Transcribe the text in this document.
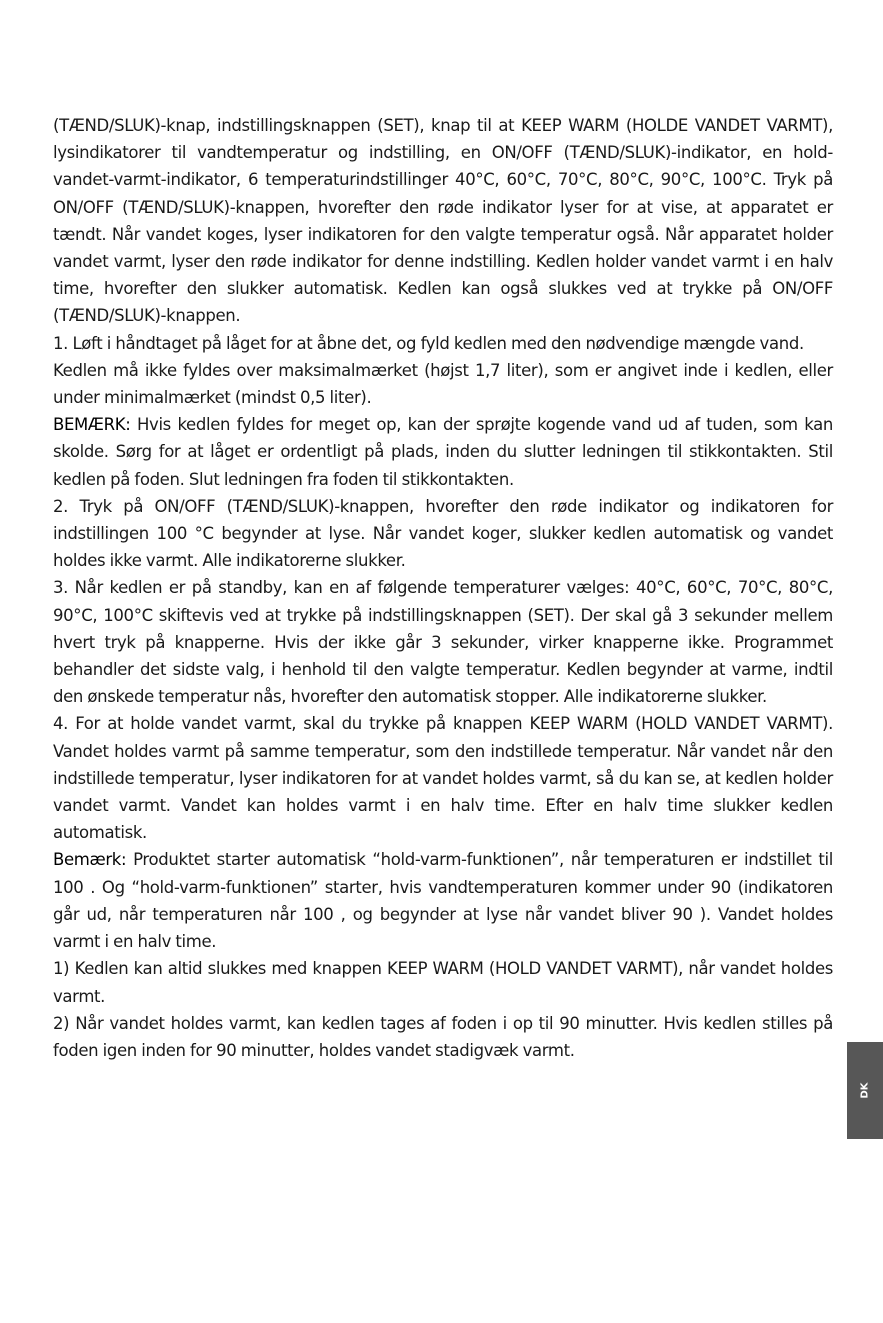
(TÆND/SLUK)-knap, indstillingsknappen (SET), knap til at KEEP WARM (HOLDE VANDET VARMT), lysindikatorer til vandtemperatur og indstilling, en ON/OFF (TÆND/SLUK)-indikator, en hold-vandet-varmt-indikator, 6 temperaturindstillinger 40°C, 60°C, 70°C, 80°C, 90°C, 100°C. Tryk på ON/OFF (TÆND/SLUK)-knappen, hvorefter den røde indikator lyser for at vise, at apparatet er tændt. Når vandet koges, lyser indikatoren for den valgte temperatur også. Når apparatet holder vandet varmt, lyser den røde indikator for denne indstilling. Kedlen holder vandet varmt i en halv time, hvorefter den slukker automatisk. Kedlen kan også slukkes ved at trykke på ON/OFF (TÆND/SLUK)-knappen.

1. Løft i håndtaget på låget for at åbne det, og fyld kedlen med den nødvendige mængde vand.

Kedlen må ikke fyldes over maksimalmærket (højst 1,7 liter), som er angivet inde i kedlen, eller under minimalmærket (mindst 0,5 liter).

BEMÆRK: Hvis kedlen fyldes for meget op, kan der sprøjte kogende vand ud af tuden, som kan skolde. Sørg for at låget er ordentligt på plads, inden du slutter ledningen til stikkontakten. Stil kedlen på foden. Slut ledningen fra foden til stikkontakten.

2. Tryk på ON/OFF (TÆND/SLUK)-knappen, hvorefter den røde indikator og indikatoren for indstillingen 100 °C begynder at lyse. Når vandet koger, slukker kedlen automatisk og vandet holdes ikke varmt. Alle indikatorerne slukker.

3. Når kedlen er på standby, kan en af følgende temperaturer vælges: 40°C, 60°C, 70°C, 80°C, 90°C, 100°C skiftevis ved at trykke på indstillingsknappen (SET). Der skal gå 3 sekunder mellem hvert tryk på knapperne. Hvis der ikke går 3 sekunder, virker knapperne ikke. Programmet behandler det sidste valg, i henhold til den valgte temperatur. Kedlen begynder at varme, indtil den ønskede temperatur nås, hvorefter den automatisk stopper. Alle indikatorerne slukker.

4. For at holde vandet varmt, skal du trykke på knappen KEEP WARM (HOLD VANDET VARMT). Vandet holdes varmt på samme temperatur, som den indstillede temperatur. Når vandet når den indstillede temperatur, lyser indikatoren for at vandet holdes varmt, så du kan se, at kedlen holder vandet varmt. Vandet kan holdes varmt i en halv time. Efter en halv time slukker kedlen automatisk.

Bemærk: Produktet starter automatisk “hold-varm-funktionen”, når temperaturen er indstillet til 100 . Og “hold-varm-funktionen” starter, hvis vandtemperaturen kommer under 90 (indikatoren går ud, når temperaturen når 100 , og begynder at lyse når vandet bliver 90 ). Vandet holdes varmt i en halv time.

1) Kedlen kan altid slukkes med knappen KEEP WARM (HOLD VANDET VARMT), når vandet holdes varmt.

2) Når vandet holdes varmt, kan kedlen tages af foden i op til 90 minutter. Hvis kedlen stilles på foden igen inden for 90 minutter, holdes vandet stadigvæk varmt.

DK
